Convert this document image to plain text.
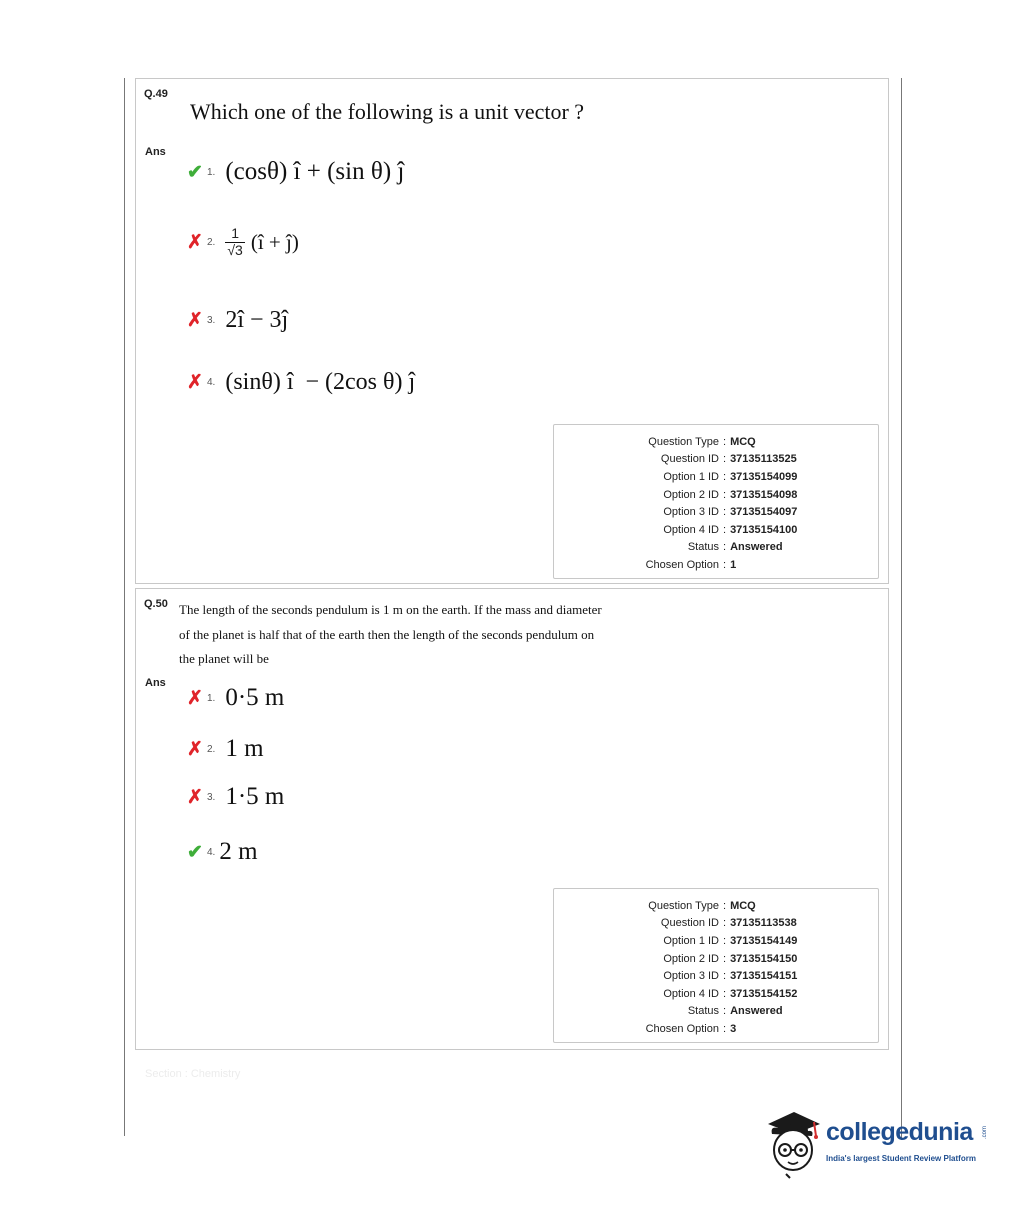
Q.49
Which one of the following is a unit vector ?
Ans
✔ 1. (cosθ) î + (sin θ) ĵ
✗ 2. $\frac{1}{√3}$ (î + ĵ)
✗ 3. 2î − 3ĵ
✗ 4. (sinθ) î  − (2cos θ) ĵ
Question Type : MCQ
Question ID : 37135113525
Option 1 ID : 37135154099
Option 2 ID : 37135154098
Option 3 ID : 37135154097
Option 4 ID : 37135154100
Status : Answered
Chosen Option : 1
Q.50 The length of the seconds pendulum is 1 m on the earth. If the mass and diameter
of the planet is half that of the earth then the length of the seconds pendulum on
the planet will be
Ans
✗ 1. 0·5 m
✗ 2. 1 m
✗ 3. 1·5 m
✔ 4. 2 m
Question Type : MCQ
Question ID : 37135113538
Option 1 ID : 37135154149
Option 2 ID : 37135154150
Option 3 ID : 37135154151
Option 4 ID : 37135154152
Status : Answered
Chosen Option : 3
Section : Chemistry
collegedunia .com
India's largest Student Review Platform
